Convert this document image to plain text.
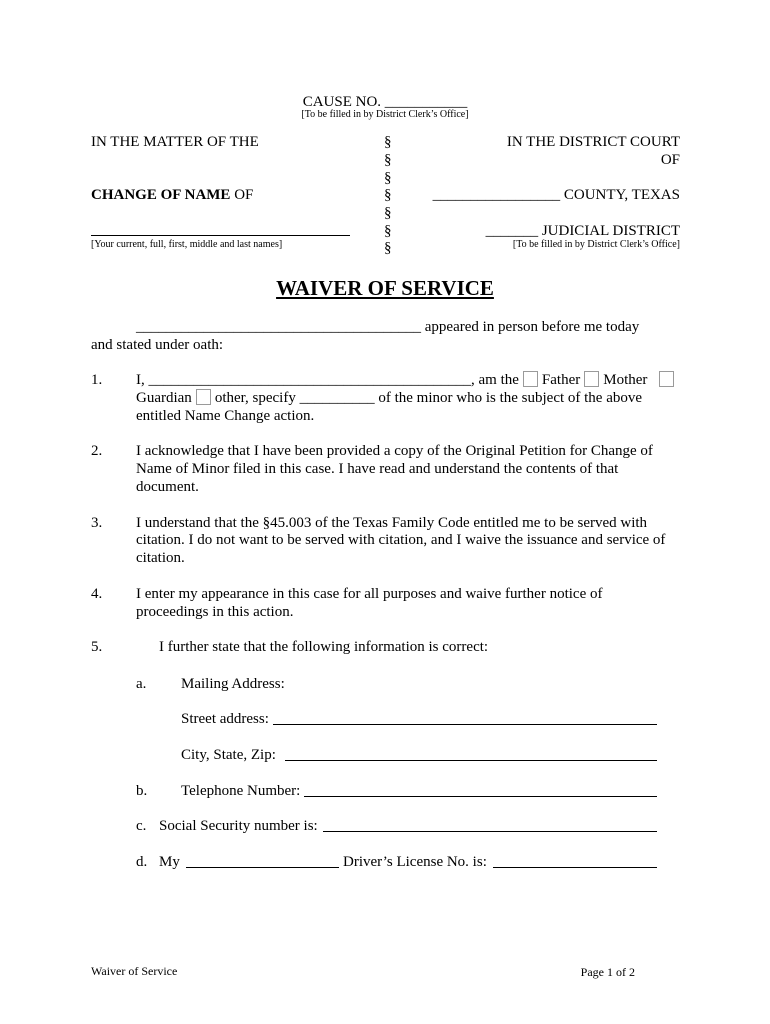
CAUSE NO. ___________
[To be filled in by District Clerk’s Office]
IN THE MATTER OF THE
CHANGE OF NAME OF
[Your current, full, first, middle and last names]
§
§
§
§
§
§
§
IN THE DISTRICT COURT
OF
_________________ COUNTY, TEXAS
_______ JUDICIAL DISTRICT
[To be filled in by District Clerk’s Office]
WAIVER OF SERVICE
______________________________________ appeared in person before me today
and stated under oath:
1. I, ___________________________________________, am the Father Mother
Guardian other, specify __________ of the minor who is the subject of the above
entitled Name Change action.
2. I acknowledge that I have been provided a copy of the Original Petition for Change of
Name of Minor filed in this case. I have read and understand the contents of that
document.
3. I understand that the §45.003 of the Texas Family Code entitled me to be served with
citation. I do not want to be served with citation, and I waive the issuance and service of
citation.
4. I enter my appearance in this case for all purposes and waive further notice of
proceedings in this action.
5.	I further state that the following information is correct:
a. Mailing Address:
Street address:
City, State, Zip:
b. Telephone Number:
c. Social Security number is:
d. My	Driver’s License No. is:
Waiver of Service	Page 1 of 2
